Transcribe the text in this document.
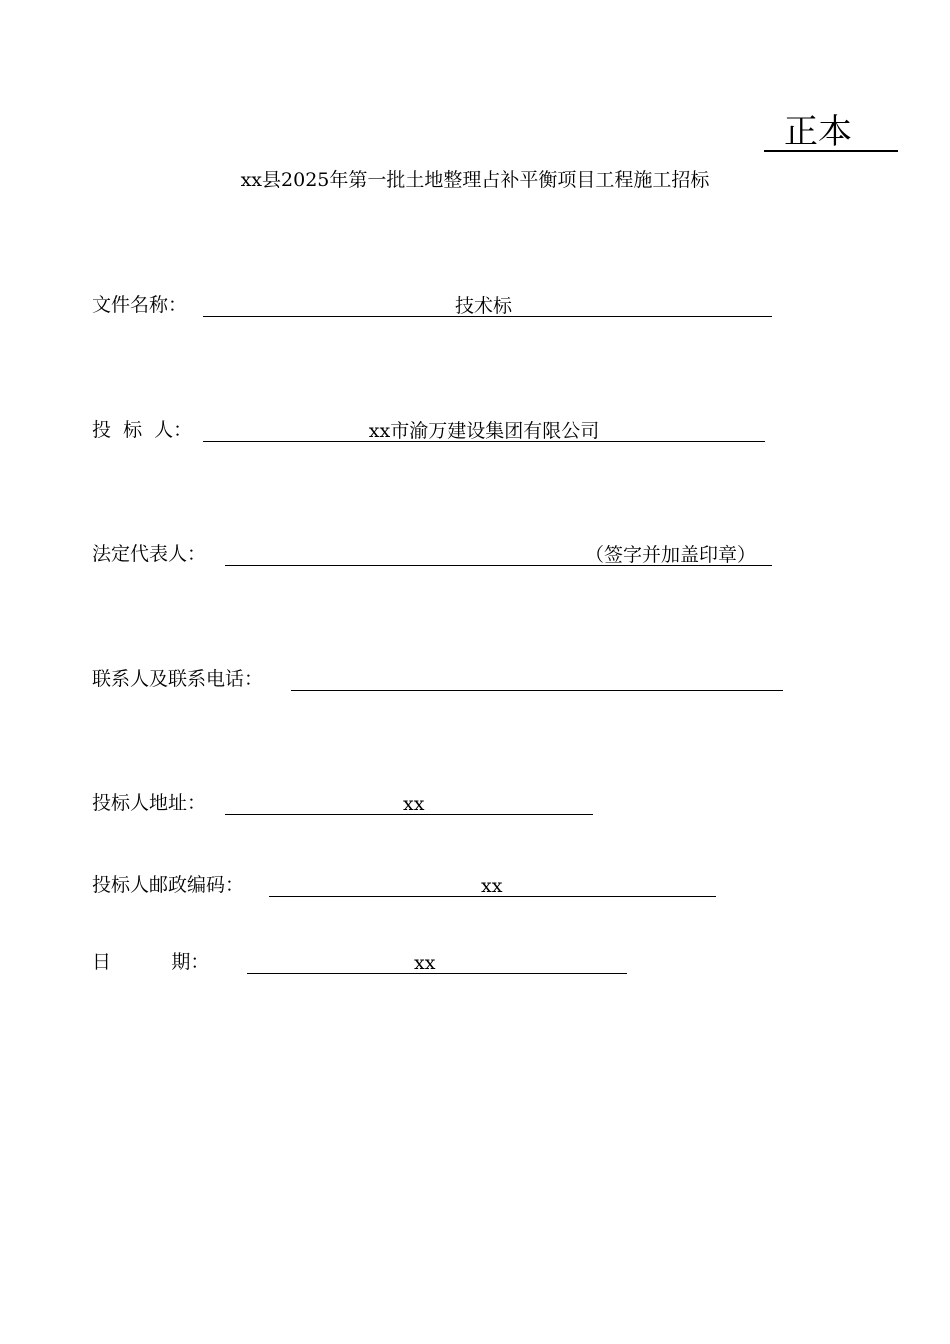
正本
xx县2025年第一批土地整理占补平衡项目工程施工招标
文件名称：	技术标
投  标  人：	xx市渝万建设集团有限公司
法定代表人：	（签字并加盖印章）
联系人及联系电话：
投标人地址：	xx
投标人邮政编码：	xx
日          期：	xx
